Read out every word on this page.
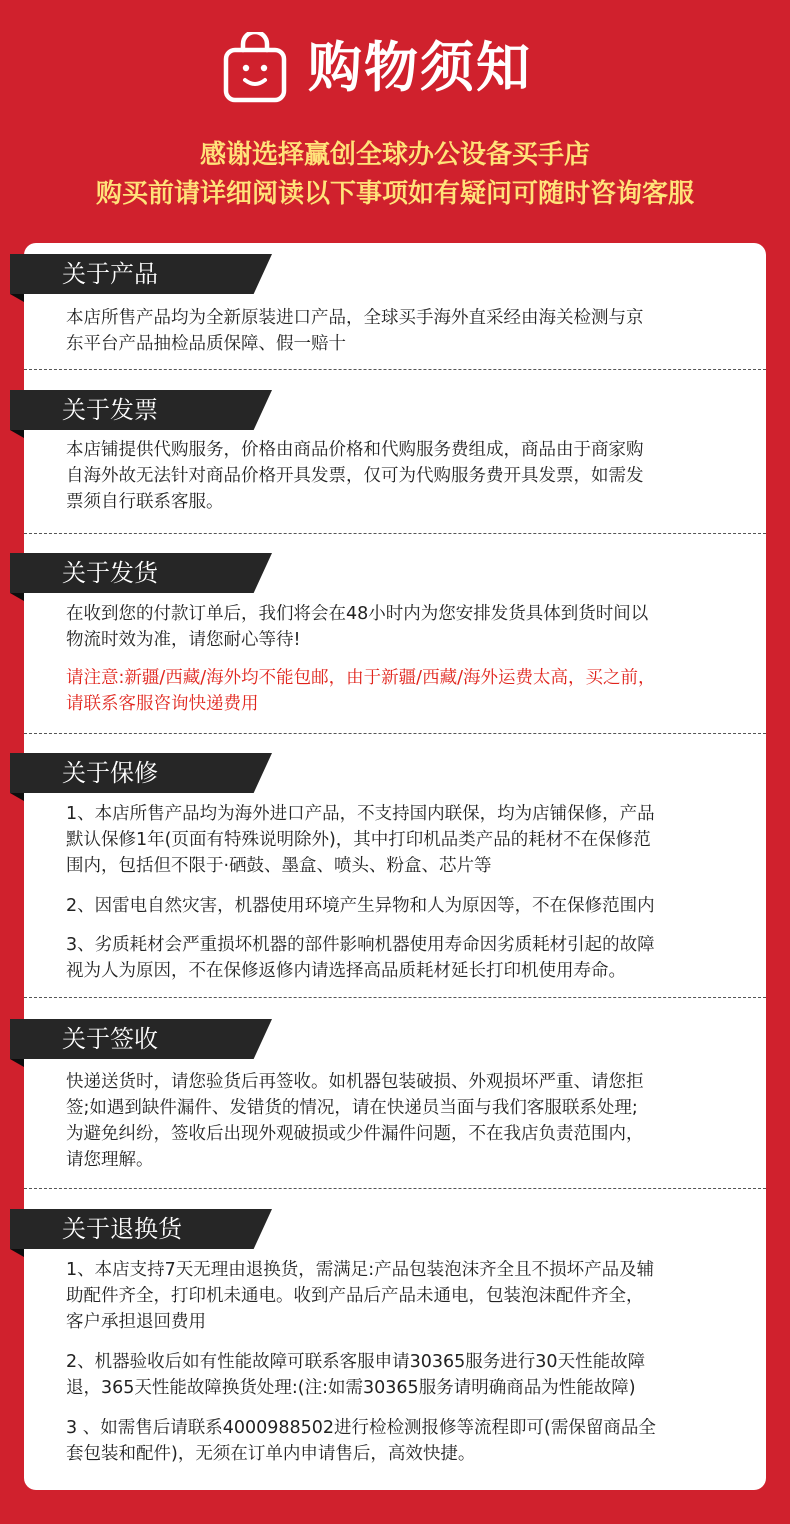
购物须知
感谢选择赢创全球办公设备买手店
购买前请详细阅读以下事项如有疑问可随时咨询客服
关于产品
本店所售产品均为全新原装进口产品，全球买手海外直采经由海关检测与京
东平台产品抽检品质保障、假一赔十
关于发票
本店铺提供代购服务，价格由商品价格和代购服务费组成，商品由于商家购
自海外故无法针对商品价格开具发票，仅可为代购服务费开具发票，如需发
票须自行联系客服。
关于发货
在收到您的付款订单后，我们将会在48小时内为您安排发货具体到货时间以
物流时效为准，请您耐心等待!
请注意:新疆/西藏/海外均不能包邮，由于新疆/西藏/海外运费太高，买之前，
请联系客服咨询快递费用
关于保修
1、本店所售产品均为海外进口产品，不支持国内联保，均为店铺保修，产品
默认保修1年(页面有特殊说明除外)，其中打印机品类产品的耗材不在保修范
围内，包括但不限于·硒鼓、墨盒、喷头、粉盒、芯片等
2、因雷电自然灾害，机器使用环境产生异物和人为原因等，不在保修范围内
3、劣质耗材会严重损坏机器的部件影响机器使用寿命因劣质耗材引起的故障
视为人为原因，不在保修返修内请选择高品质耗材延长打印机使用寿命。
关于签收
快递送货时，请您验货后再签收。如机器包装破损、外观损坏严重、请您拒
签;如遇到缺件漏件、发错货的情况，请在快递员当面与我们客服联系处理;
为避免纠纷，签收后出现外观破损或少件漏件问题，不在我店负责范围内，
请您理解。
关于退换货
1、本店支持7天无理由退换货，需满足:产品包装泡沫齐全且不损坏产品及辅
助配件齐全，打印机未通电。收到产品后产品未通电，包装泡沫配件齐全，
客户承担退回费用
2、机器验收后如有性能故障可联系客服申请30365服务进行30天性能故障
退，365天性能故障换货处理:(注:如需30365服务请明确商品为性能故障)
3 、如需售后请联系4000988502进行检检测报修等流程即可(需保留商品全
套包装和配件)，无须在订单内申请售后，高效快捷。
